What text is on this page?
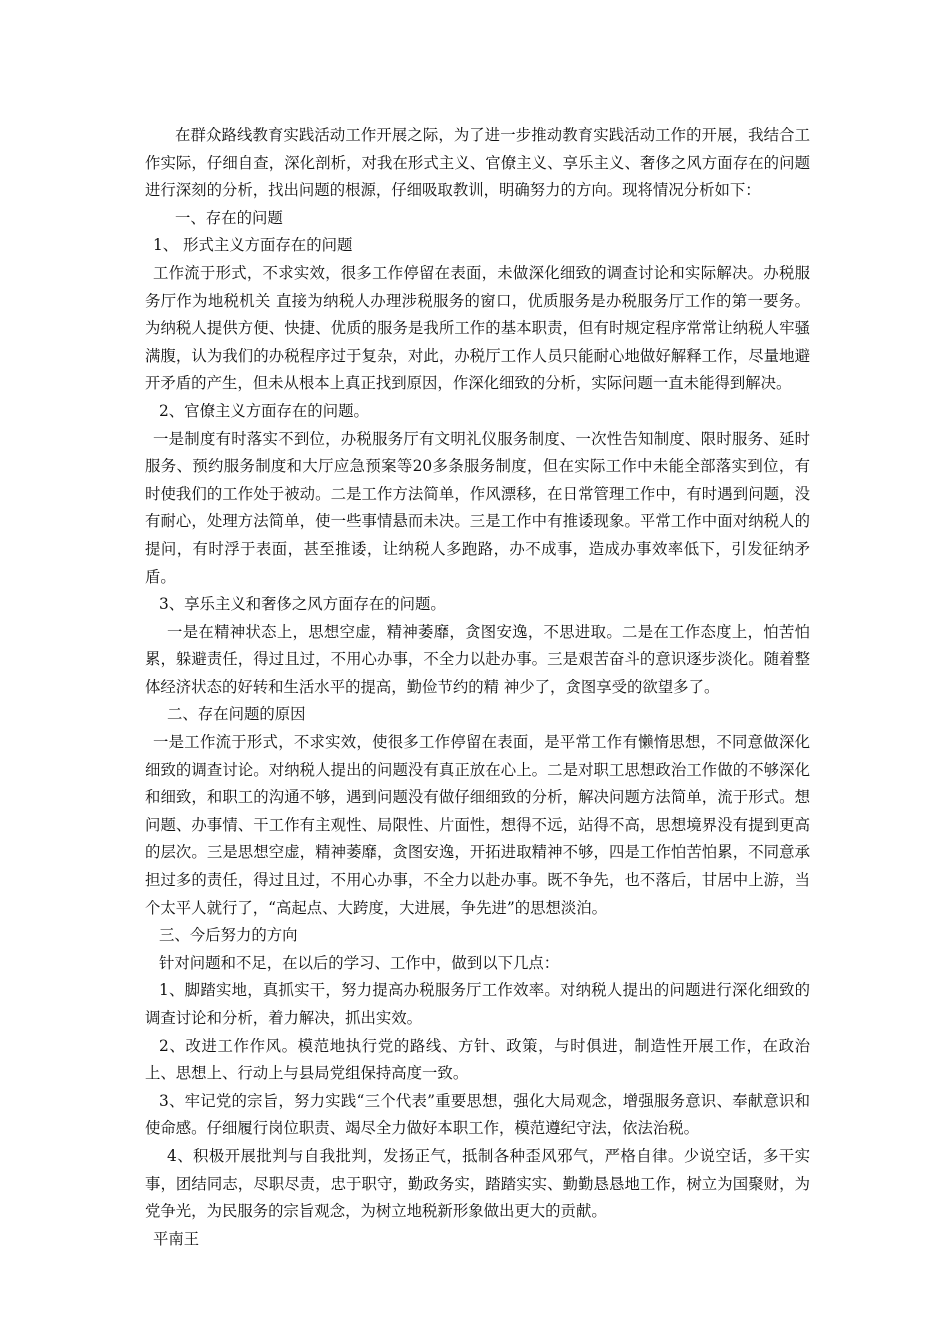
在群众路线教育实践活动工作开展之际，为了进一步推动教育实践活动工作的开展，我结合工作实际，仔细自查，深化剖析，对我在形式主义、官僚主义、享乐主义、奢侈之风方面存在的问题进行深刻的分析，找出问题的根源，仔细吸取教训，明确努力的方向。现将情况分析如下：

一、存在的问题

1、 形式主义方面存在的问题

工作流于形式，不求实效，很多工作停留在表面，未做深化细致的调查讨论和实际解决。办税服务厅作为地税机关 直接为纳税人办理涉税服务的窗口，优质服务是办税服务厅工作的第一要务。为纳税人提供方便、快捷、优质的服务是我所工作的基本职责，但有时规定程序常常让纳税人牢骚满腹，认为我们的办税程序过于复杂，对此，办税厅工作人员只能耐心地做好解释工作，尽量地避开矛盾的产生，但未从根本上真正找到原因，作深化细致的分析，实际问题一直未能得到解决。

2、官僚主义方面存在的问题。

一是制度有时落实不到位，办税服务厅有文明礼仪服务制度、一次性告知制度、限时服务、延时服务、预约服务制度和大厅应急预案等20多条服务制度，但在实际工作中未能全部落实到位，有时使我们的工作处于被动。二是工作方法简单，作风漂移，在日常管理工作中，有时遇到问题，没有耐心，处理方法简单，使一些事情悬而未决。三是工作中有推诿现象。平常工作中面对纳税人的提问，有时浮于表面，甚至推诿，让纳税人多跑路，办不成事，造成办事效率低下，引发征纳矛盾。

3、享乐主义和奢侈之风方面存在的问题。

一是在精神状态上，思想空虚，精神萎靡，贪图安逸，不思进取。二是在工作态度上，怕苦怕累，躲避责任，得过且过，不用心办事，不全力以赴办事。三是艰苦奋斗的意识逐步淡化。随着整体经济状态的好转和生活水平的提高，勤俭节约的精 神少了，贪图享受的欲望多了。

二、存在问题的原因

一是工作流于形式，不求实效，使很多工作停留在表面，是平常工作有懒惰思想，不同意做深化细致的调查讨论。对纳税人提出的问题没有真正放在心上。二是对职工思想政治工作做的不够深化和细致，和职工的沟通不够，遇到问题没有做仔细细致的分析，解决问题方法简单，流于形式。想问题、办事情、干工作有主观性、局限性、片面性，想得不远，站得不高，思想境界没有提到更高的层次。三是思想空虚，精神萎靡，贪图安逸，开拓进取精神不够，四是工作怕苦怕累，不同意承担过多的责任，得过且过，不用心办事，不全力以赴办事。既不争先，也不落后，甘居中上游，当个太平人就行了，“高起点、大跨度，大进展，争先进”的思想淡泊。

三、今后努力的方向

针对问题和不足，在以后的学习、工作中，做到以下几点：

1、脚踏实地，真抓实干，努力提高办税服务厅工作效率。对纳税人提出的问题进行深化细致的调查讨论和分析，着力解决，抓出实效。

2、改进工作作风。模范地执行党的路线、方针、政策，与时俱进，制造性开展工作，在政治上、思想上、行动上与县局党组保持高度一致。

3、牢记党的宗旨，努力实践“三个代表”重要思想，强化大局观念，增强服务意识、奉献意识和使命感。仔细履行岗位职责、竭尽全力做好本职工作，模范遵纪守法，依法治税。

4、积极开展批判与自我批判，发扬正气，抵制各种歪风邪气，严格自律。少说空话，多干实事，团结同志，尽职尽责，忠于职守，勤政务实，踏踏实实、勤勤恳恳地工作，树立为国聚财，为党争光，为民服务的宗旨观念，为树立地税新形象做出更大的贡献。

平南王
